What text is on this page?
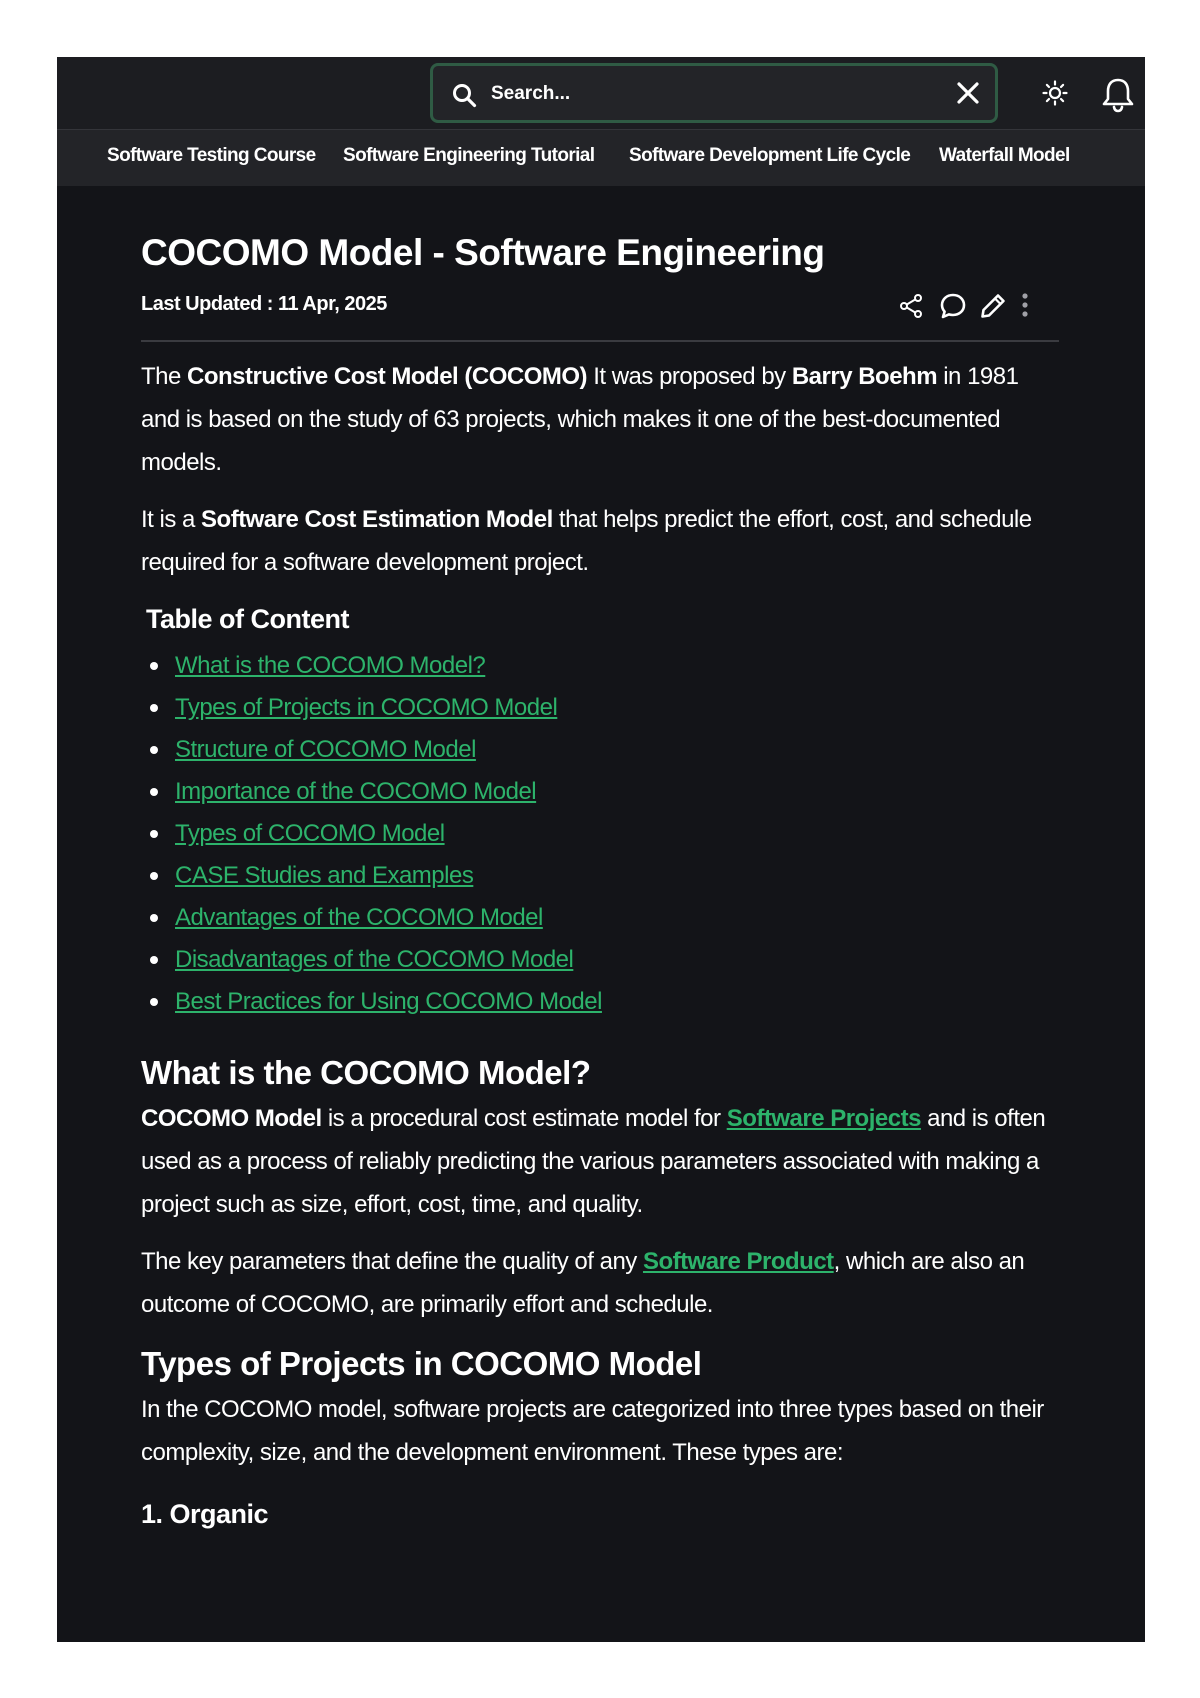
Search...
Software Testing Course Software Engineering Tutorial Software Development Life Cycle Waterfall Model
COCOMO Model - Software Engineering
Last Updated : 11 Apr, 2025

The Constructive Cost Model (COCOMO) It was proposed by Barry Boehm in 1981 and is based on the study of 63 projects, which makes it one of the best-documented models.

It is a Software Cost Estimation Model that helps predict the effort, cost, and schedule required for a software development project.

Table of Content
What is the COCOMO Model?
Types of Projects in COCOMO Model
Structure of COCOMO Model
Importance of the COCOMO Model
Types of COCOMO Model
CASE Studies and Examples
Advantages of the COCOMO Model
Disadvantages of the COCOMO Model
Best Practices for Using COCOMO Model
What is the COCOMO Model?

COCOMO Model is a procedural cost estimate model for Software Projects and is often used as a process of reliably predicting the various parameters associated with making a project such as size, effort, cost, time, and quality.

The key parameters that define the quality of any Software Product, which are also an outcome of COCOMO, are primarily effort and schedule.

Types of Projects in COCOMO Model

In the COCOMO model, software projects are categorized into three types based on their complexity, size, and the development environment. These types are:

1. Organic
